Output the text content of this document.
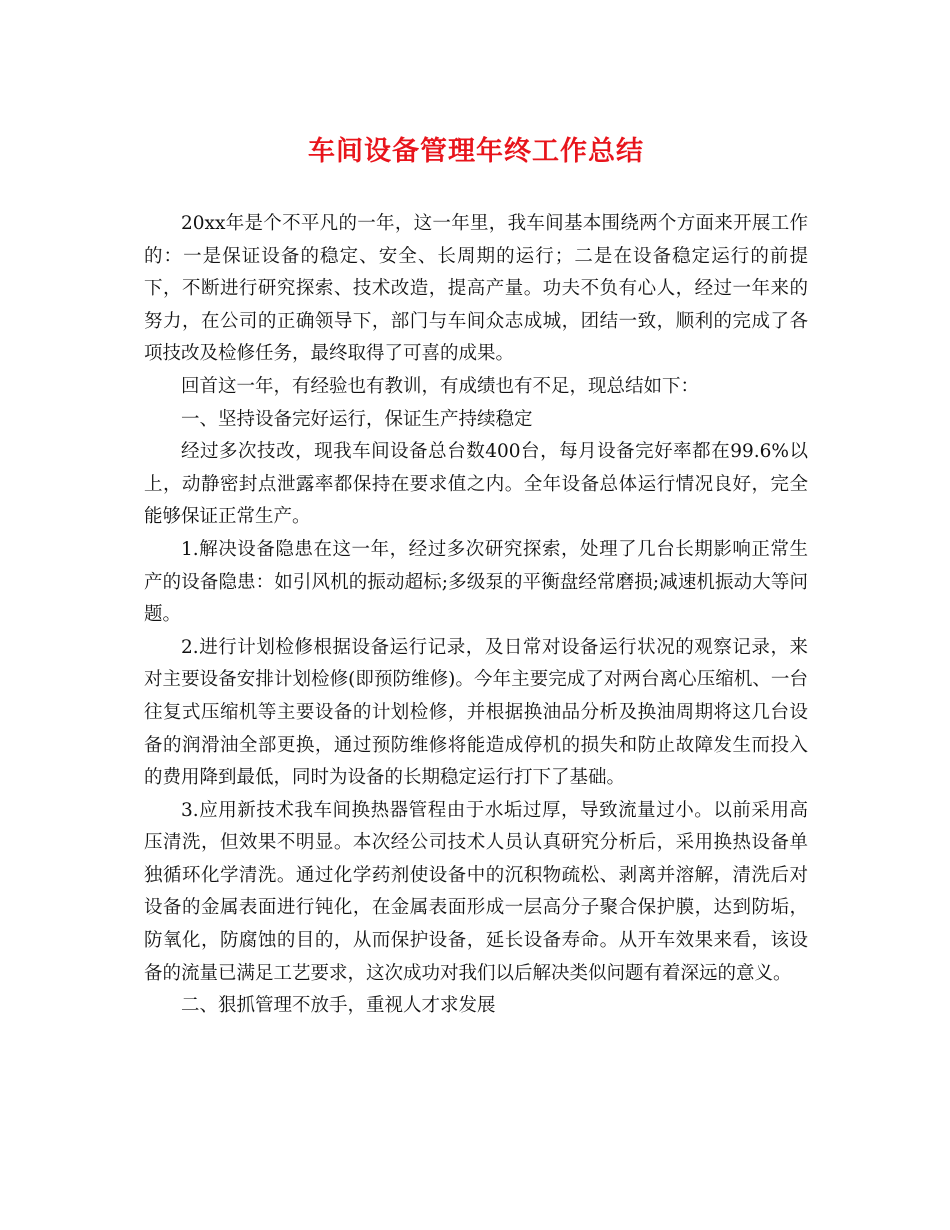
车间设备管理年终工作总结

20xx年是个不平凡的一年，这一年里，我车间基本围绕两个方面来开展工作的：一是保证设备的稳定、安全、长周期的运行；二是在设备稳定运行的前提下，不断进行研究探索、技术改造，提高产量。功夫不负有心人，经过一年来的努力，在公司的正确领导下，部门与车间众志成城，团结一致，顺利的完成了各项技改及检修任务，最终取得了可喜的成果。

回首这一年，有经验也有教训，有成绩也有不足，现总结如下：

一、坚持设备完好运行，保证生产持续稳定

经过多次技改，现我车间设备总台数400台，每月设备完好率都在99.6%以上，动静密封点泄露率都保持在要求值之内。全年设备总体运行情况良好，完全能够保证正常生产。

1.解决设备隐患在这一年，经过多次研究探索，处理了几台长期影响正常生产的设备隐患：如引风机的振动超标;多级泵的平衡盘经常磨损;减速机振动大等问题。

2.进行计划检修根据设备运行记录，及日常对设备运行状况的观察记录，来对主要设备安排计划检修(即预防维修)。今年主要完成了对两台离心压缩机、一台往复式压缩机等主要设备的计划检修，并根据换油品分析及换油周期将这几台设备的润滑油全部更换，通过预防维修将能造成停机的损失和防止故障发生而投入的费用降到最低，同时为设备的长期稳定运行打下了基础。

3.应用新技术我车间换热器管程由于水垢过厚，导致流量过小。以前采用高压清洗，但效果不明显。本次经公司技术人员认真研究分析后，采用换热设备单独循环化学清洗。通过化学药剂使设备中的沉积物疏松、剥离并溶解，清洗后对设备的金属表面进行钝化，在金属表面形成一层高分子聚合保护膜，达到防垢，防氧化，防腐蚀的目的，从而保护设备，延长设备寿命。从开车效果来看，该设备的流量已满足工艺要求，这次成功对我们以后解决类似问题有着深远的意义。

二、狠抓管理不放手，重视人才求发展
